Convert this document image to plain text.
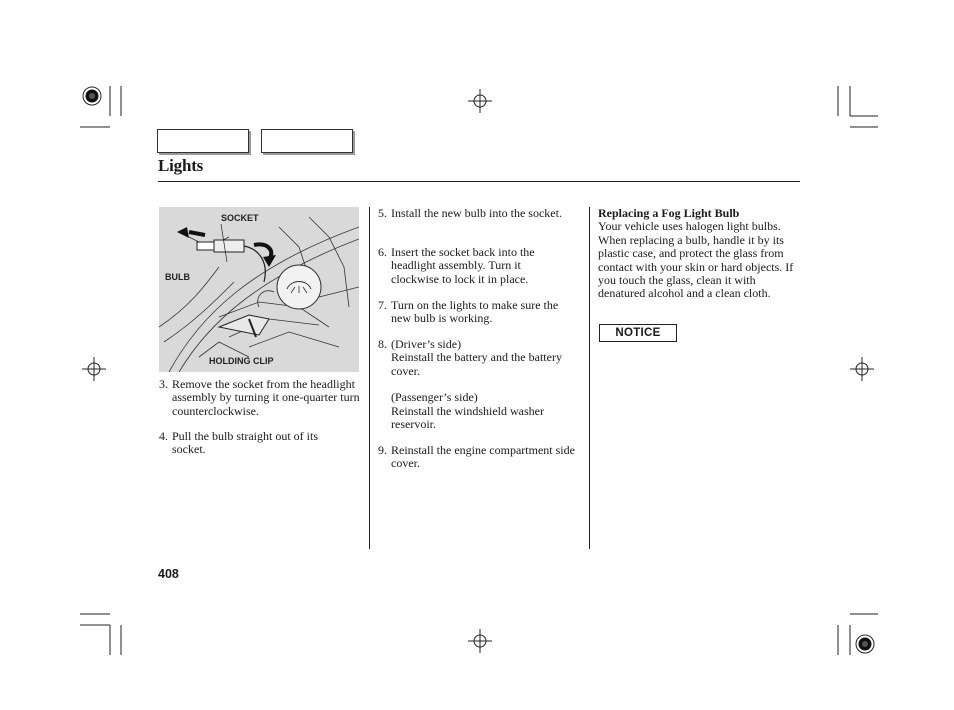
Lights
SOCKET
BULB
HOLDING CLIP
3. Remove the socket from the headlight assembly by turning it one-quarter turn counterclockwise.
4. Pull the bulb straight out of its socket.
5. Install the new bulb into the socket.
6. Insert the socket back into the headlight assembly. Turn it clockwise to lock it in place.
7. Turn on the lights to make sure the new bulb is working.
8. (Driver’s side)
Reinstall the battery and the battery cover.
(Passenger’s side)
Reinstall the windshield washer reservoir.
9. Reinstall the engine compartment side cover.
Replacing a Fog Light Bulb
Your vehicle uses halogen light bulbs. When replacing a bulb, handle it by its plastic case, and protect the glass from contact with your skin or hard objects. If you touch the glass, clean it with denatured alcohol and a clean cloth.
NOTICE
408
